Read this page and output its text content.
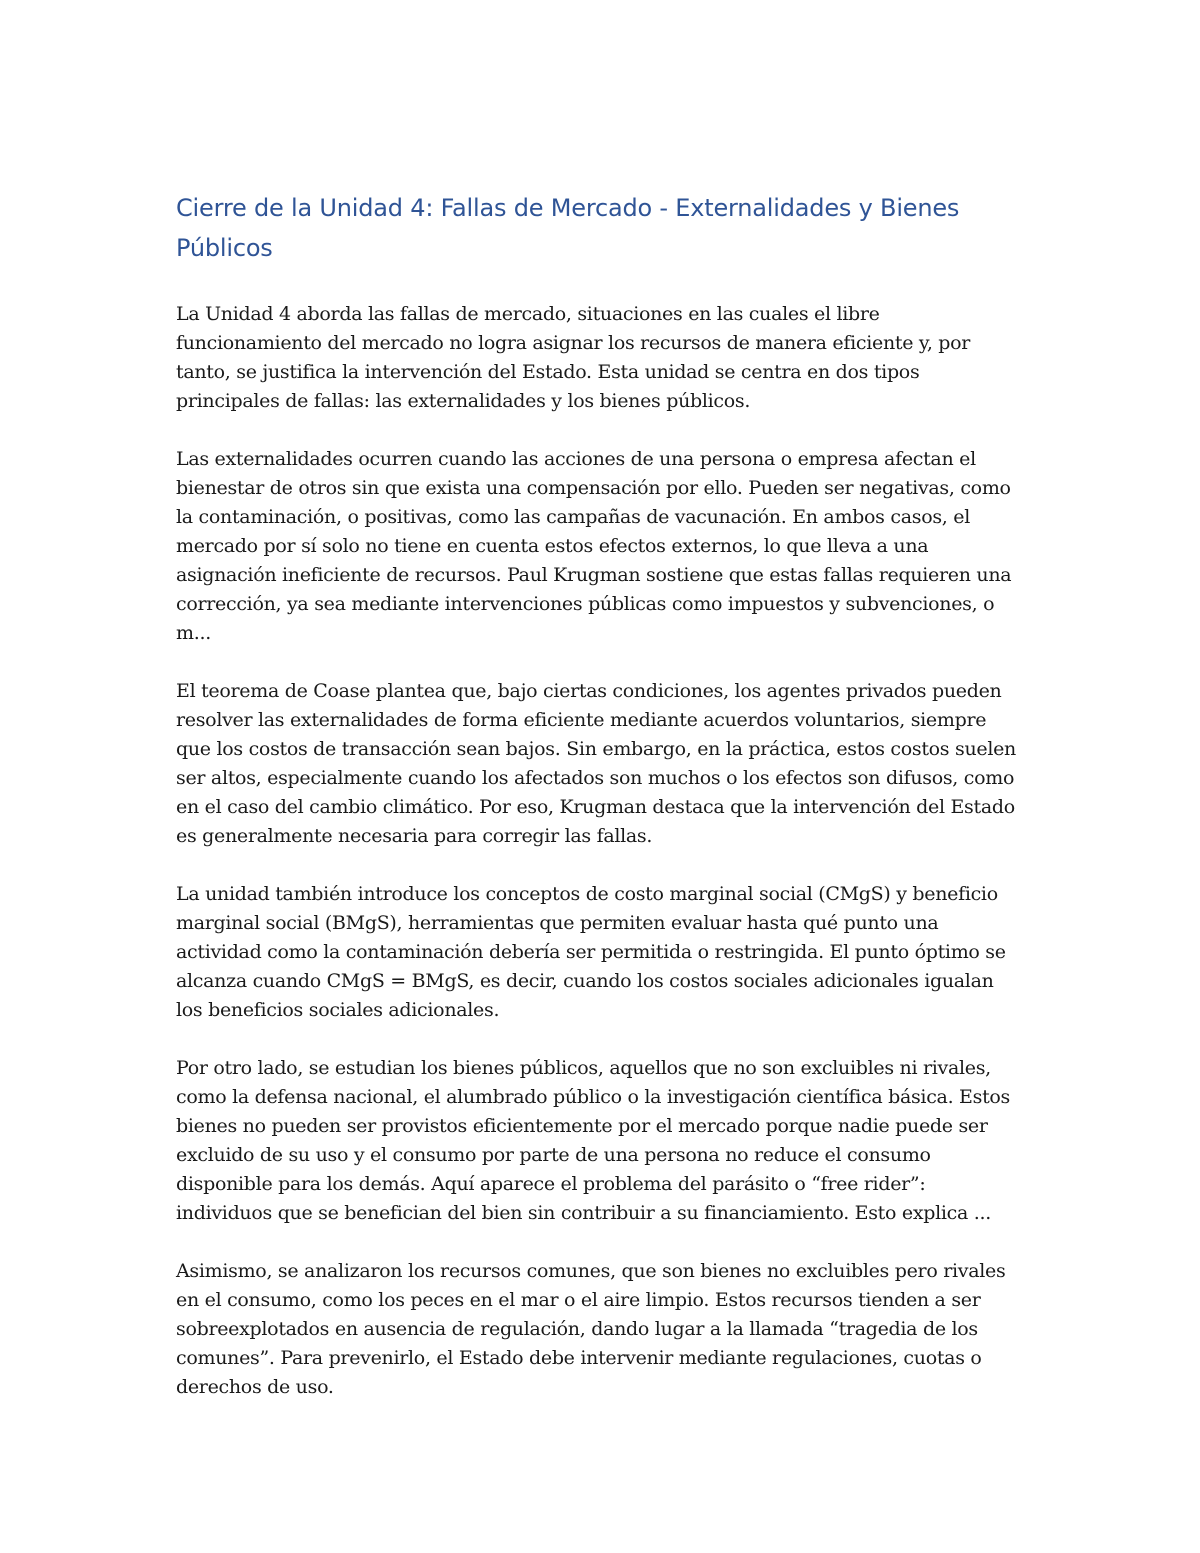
Cierre de la Unidad 4: Fallas de Mercado - Externalidades y Bienes Públicos

La Unidad 4 aborda las fallas de mercado, situaciones en las cuales el libre funcionamiento del mercado no logra asignar los recursos de manera eficiente y, por tanto, se justifica la intervención del Estado. Esta unidad se centra en dos tipos principales de fallas: las externalidades y los bienes públicos.

Las externalidades ocurren cuando las acciones de una persona o empresa afectan el bienestar de otros sin que exista una compensación por ello. Pueden ser negativas, como la contaminación, o positivas, como las campañas de vacunación. En ambos casos, el mercado por sí solo no tiene en cuenta estos efectos externos, lo que lleva a una asignación ineficiente de recursos. Paul Krugman sostiene que estas fallas requieren una corrección, ya sea mediante intervenciones públicas como impuestos y subvenciones, o m...

El teorema de Coase plantea que, bajo ciertas condiciones, los agentes privados pueden resolver las externalidades de forma eficiente mediante acuerdos voluntarios, siempre que los costos de transacción sean bajos. Sin embargo, en la práctica, estos costos suelen ser altos, especialmente cuando los afectados son muchos o los efectos son difusos, como en el caso del cambio climático. Por eso, Krugman destaca que la intervención del Estado es generalmente necesaria para corregir las fallas.

La unidad también introduce los conceptos de costo marginal social (CMgS) y beneficio marginal social (BMgS), herramientas que permiten evaluar hasta qué punto una actividad como la contaminación debería ser permitida o restringida. El punto óptimo se alcanza cuando CMgS = BMgS, es decir, cuando los costos sociales adicionales igualan los beneficios sociales adicionales.

Por otro lado, se estudian los bienes públicos, aquellos que no son excluibles ni rivales, como la defensa nacional, el alumbrado público o la investigación científica básica. Estos bienes no pueden ser provistos eficientemente por el mercado porque nadie puede ser excluido de su uso y el consumo por parte de una persona no reduce el consumo disponible para los demás. Aquí aparece el problema del parásito o “free rider”: individuos que se benefician del bien sin contribuir a su financiamiento. Esto explica ...

Asimismo, se analizaron los recursos comunes, que son bienes no excluibles pero rivales en el consumo, como los peces en el mar o el aire limpio. Estos recursos tienden a ser sobreexplotados en ausencia de regulación, dando lugar a la llamada “tragedia de los comunes”. Para prevenirlo, el Estado debe intervenir mediante regulaciones, cuotas o derechos de uso.
